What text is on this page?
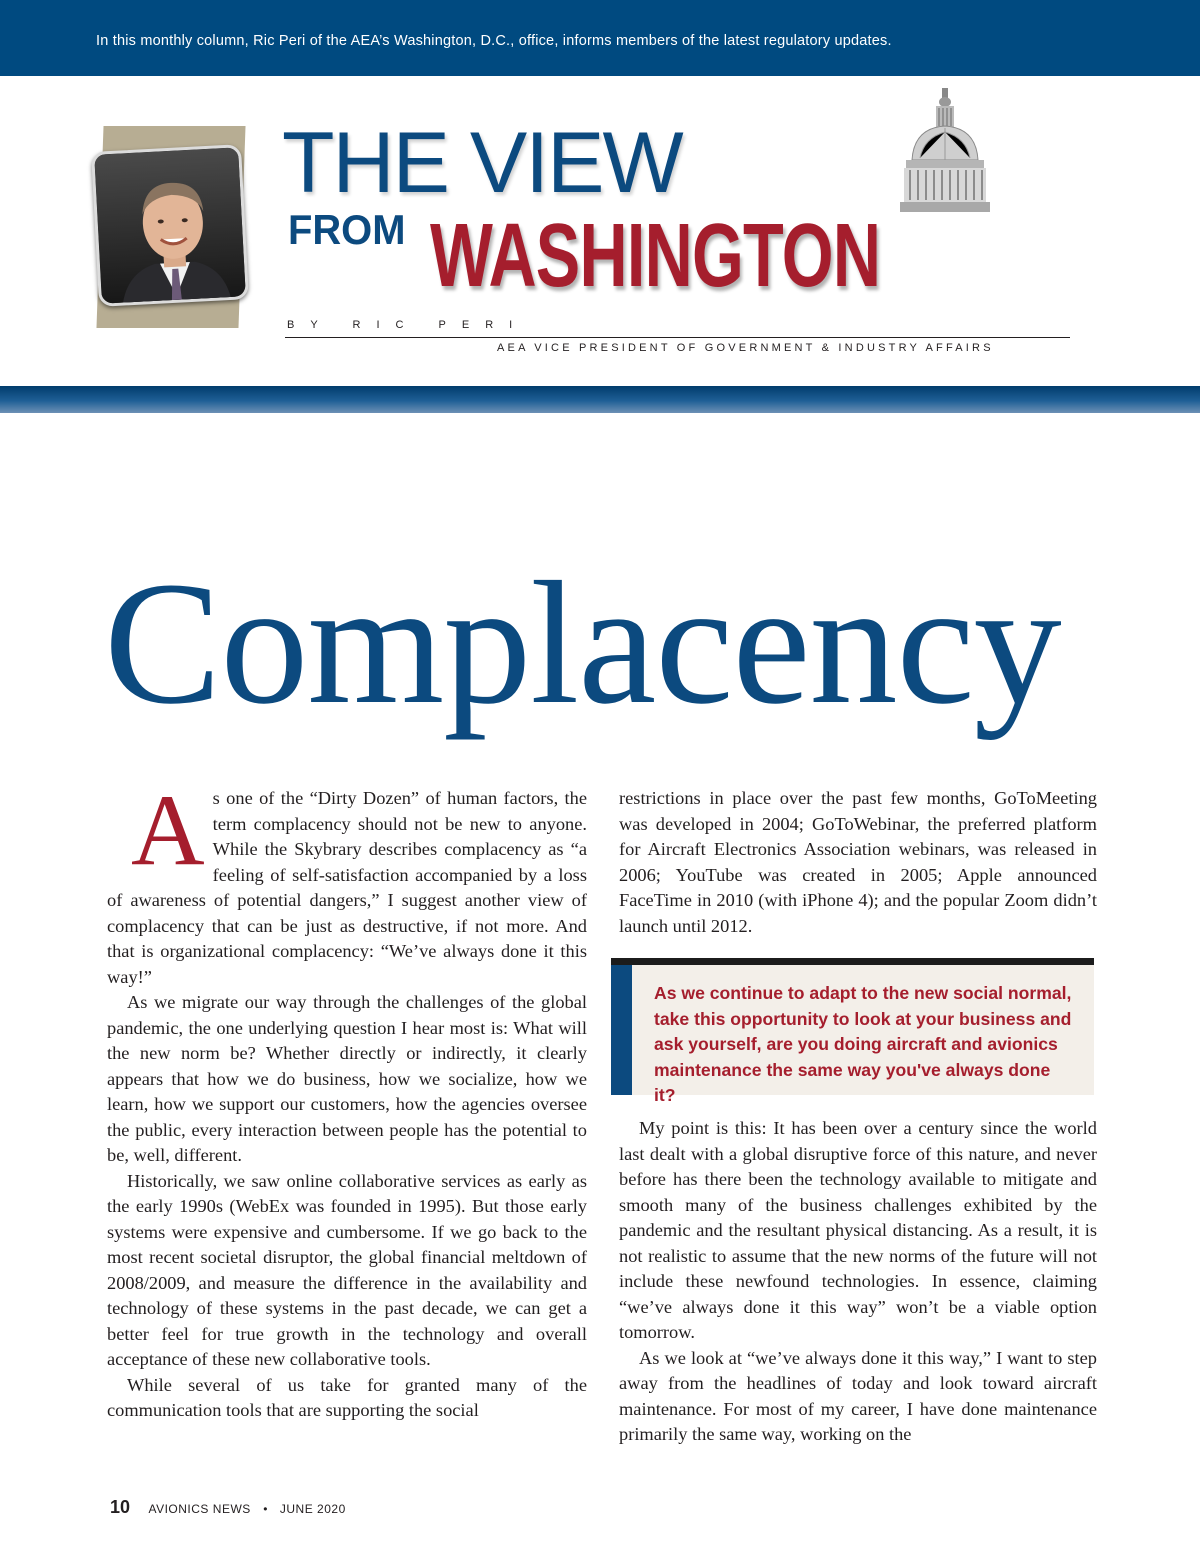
In this monthly column, Ric Peri of the AEA’s Washington, D.C., office, informs members of the latest regulatory updates.
THE VIEW
FROM WASHINGTON
BY RIC PERI
AEA VICE PRESIDENT OF GOVERNMENT & INDUSTRY AFFAIRS
Complacency

As one of the “Dirty Dozen” of human factors, the term complacency should not be new to anyone. While the Skybrary describes complacency as “a feeling of self-satisfaction accompanied by a loss of awareness of potential dangers,” I suggest another view of complacency that can be just as destructive, if not more. And that is organizational complacency: “We’ve always done it this way!”

As we migrate our way through the challenges of the global pandemic, the one underlying question I hear most is: What will the new norm be? Whether directly or indirectly, it clearly appears that how we do business, how we socialize, how we learn, how we support our customers, how the agencies oversee the public, every interaction between people has the potential to be, well, different.

Historically, we saw online collaborative services as early as the early 1990s (WebEx was founded in 1995). But those early systems were expensive and cumbersome. If we go back to the most recent societal disruptor, the global financial meltdown of 2008/2009, and measure the difference in the availability and technology of these systems in the past decade, we can get a better feel for true growth in the technology and overall acceptance of these new collaborative tools.

While several of us take for granted many of the communication tools that are supporting the social

restrictions in place over the past few months, GoToMeeting was developed in 2004; GoToWebinar, the preferred platform for Aircraft Electronics Association webinars, was released in 2006; YouTube was created in 2005; Apple announced FaceTime in 2010 (with iPhone 4); and the popular Zoom didn’t launch until 2012.

As we continue to adapt to the new social normal, take this opportunity to look at your business and ask yourself, are you doing aircraft and avionics maintenance the same way you've always done it?

My point is this: It has been over a century since the world last dealt with a global disruptive force of this nature, and never before has there been the technology available to mitigate and smooth many of the business challenges exhibited by the pandemic and the resultant physical distancing. As a result, it is not realistic to assume that the new norms of the future will not include these newfound technologies. In essence, claiming “we’ve always done it this way” won’t be a viable option tomorrow.

As we look at “we’ve always done it this way,” I want to step away from the headlines of today and look toward aircraft maintenance. For most of my career, I have done maintenance primarily the same way, working on the

10 AVIONICS NEWS • JUNE 2020
